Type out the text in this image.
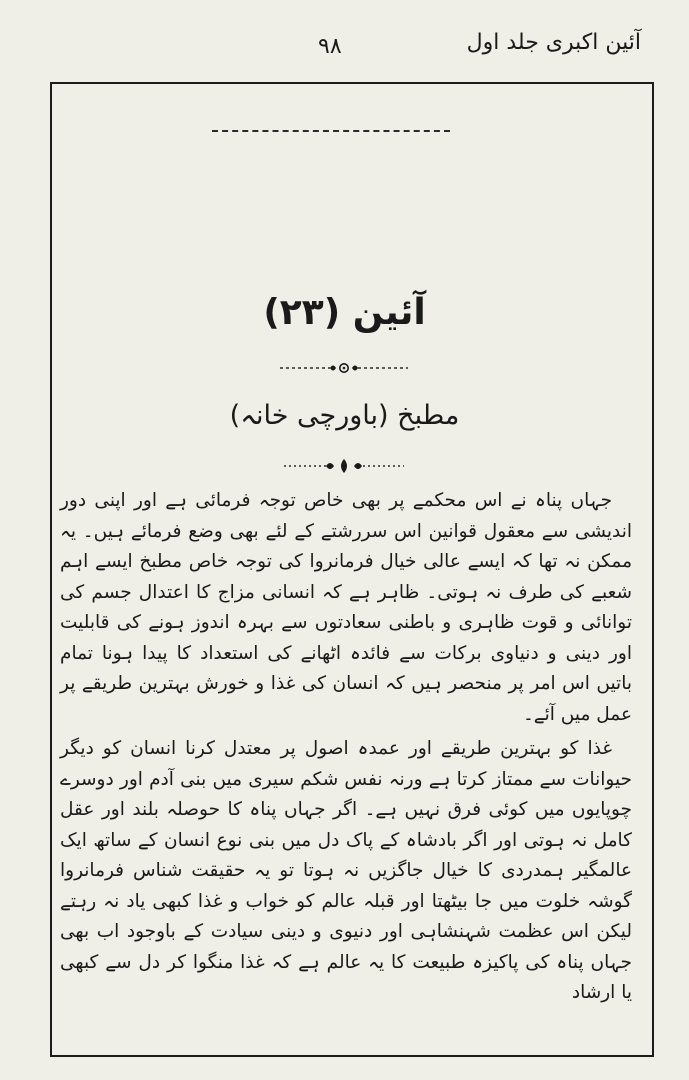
آئین اکبری جلد اول
۹۸
آئین (۲۳)
مطبخ (باورچی خانہ)

جہاں پناہ نے اس محکمے پر بھی خاص توجہ فرمائی ہے اور اپنی دور اندیشی سے معقول قوانین اس سررشتے کے لئے بھی وضع فرمائے ہیں۔ یہ ممکن نہ تھا کہ ایسے عالی خیال فرمانروا کی توجہ خاص مطبخ ایسے اہم شعبے کی طرف نہ ہوتی۔ ظاہر ہے کہ انسانی مزاج کا اعتدال جسم کی توانائی و قوت ظاہری و باطنی سعادتوں سے بہرہ اندوز ہونے کی قابلیت اور دینی و دنیاوی برکات سے فائدہ اٹھانے کی استعداد کا پیدا ہونا تمام باتیں اس امر پر منحصر ہیں کہ انسان کی غذا و خورش بہترین طریقے پر عمل میں آئے۔

غذا کو بہترین طریقے اور عمدہ اصول پر معتدل کرنا انسان کو دیگر حیوانات سے ممتاز کرتا ہے ورنہ نفس شکم سیری میں بنی آدم اور دوسرے چوپایوں میں کوئی فرق نہیں ہے۔ اگر جہاں پناہ کا حوصلہ بلند اور عقل کامل نہ ہوتی اور اگر بادشاہ کے پاک دل میں بنی نوع انسان کے ساتھ ایک عالمگیر ہمدردی کا خیال جاگزیں نہ ہوتا تو یہ حقیقت شناس فرمانروا گوشہ خلوت میں جا بیٹھتا اور قبلہ عالم کو خواب و غذا کبھی یاد نہ رہتے لیکن اس عظمت شہنشاہی اور دنیوی و دینی سیادت کے باوجود اب بھی جہاں پناہ کی پاکیزہ طبیعت کا یہ عالم ہے کہ غذا منگوا کر دل سے کبھی یا ارشاد
